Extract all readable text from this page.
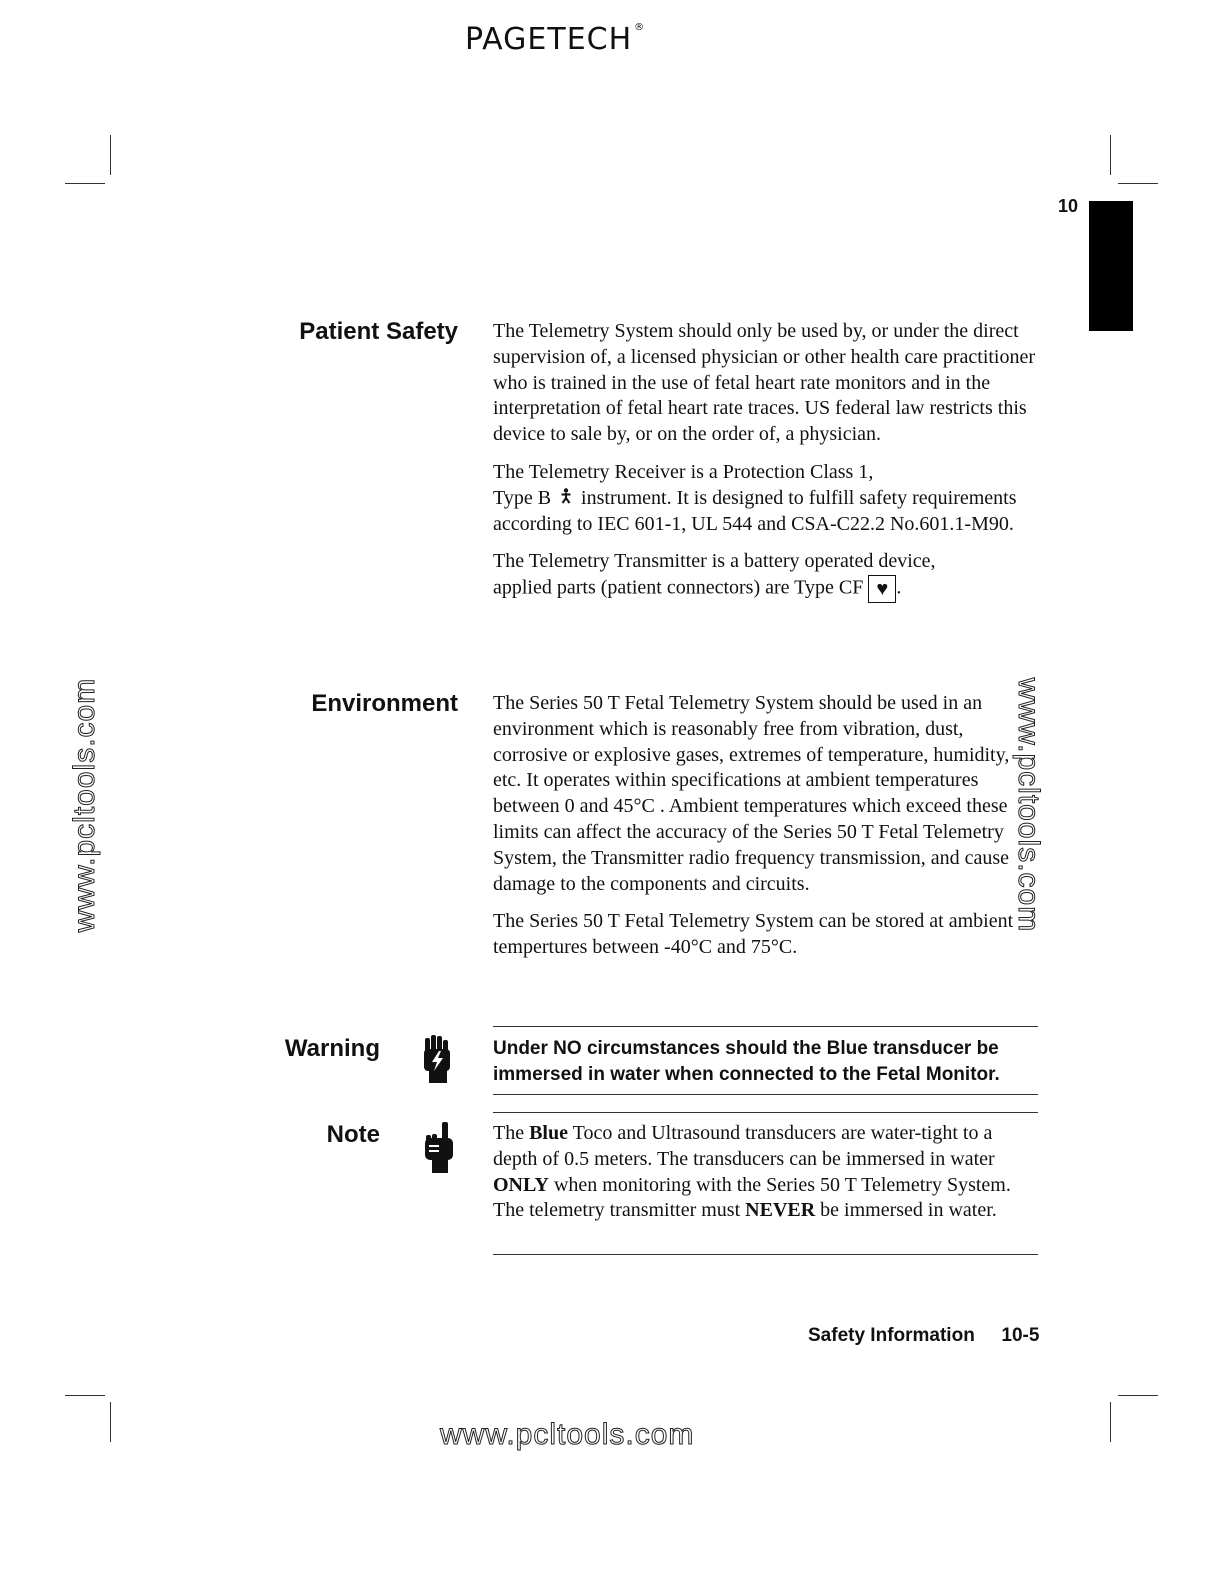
PAGETECH ®
10
Patient Safety The Telemetry System should only be used by, or under the direct supervision of, a licensed physician or other health care practitioner who is trained in the use of fetal heart rate monitors and in the interpretation of fetal heart rate traces. US federal law restricts this device to sale by, or on the order of, a physician.

The Telemetry Receiver is a Protection Class 1,
Type B instrument. It is designed to fulfill safety requirements according to IEC 601-1, UL 544 and CSA-C22.2 No.601.1-M90.

The Telemetry Transmitter is a battery operated device,
applied parts (patient connectors) are Type CF ♥ .

Environment The Series 50 T Fetal Telemetry System should be used in an environment which is reasonably free from vibration, dust, corrosive or explosive gases, extremes of temperature, humidity, etc. It operates within specifications at ambient temperatures between 0 and 45°C . Ambient temperatures which exceed these limits can affect the accuracy of the Series 50 T Fetal Telemetry System, the Transmitter radio frequency transmission, and cause damage to the components and circuits.

The Series 50 T Fetal Telemetry System can be stored at ambient tempertures between -40°C and 75°C.

Warning	Under NO circumstances should the Blue transducer be
immersed in water when connected to the Fetal Monitor.
Note	The Blue Toco and Ultrasound transducers are water-tight to a depth of 0.5 meters. The transducers can be immersed in water ONLY when monitoring with the Series 50 T Telemetry System. The telemetry transmitter must NEVER be immersed in water.

Safety Information 10-5
www.pcltools.com	www.pcltools.com
www.pcltools.com
